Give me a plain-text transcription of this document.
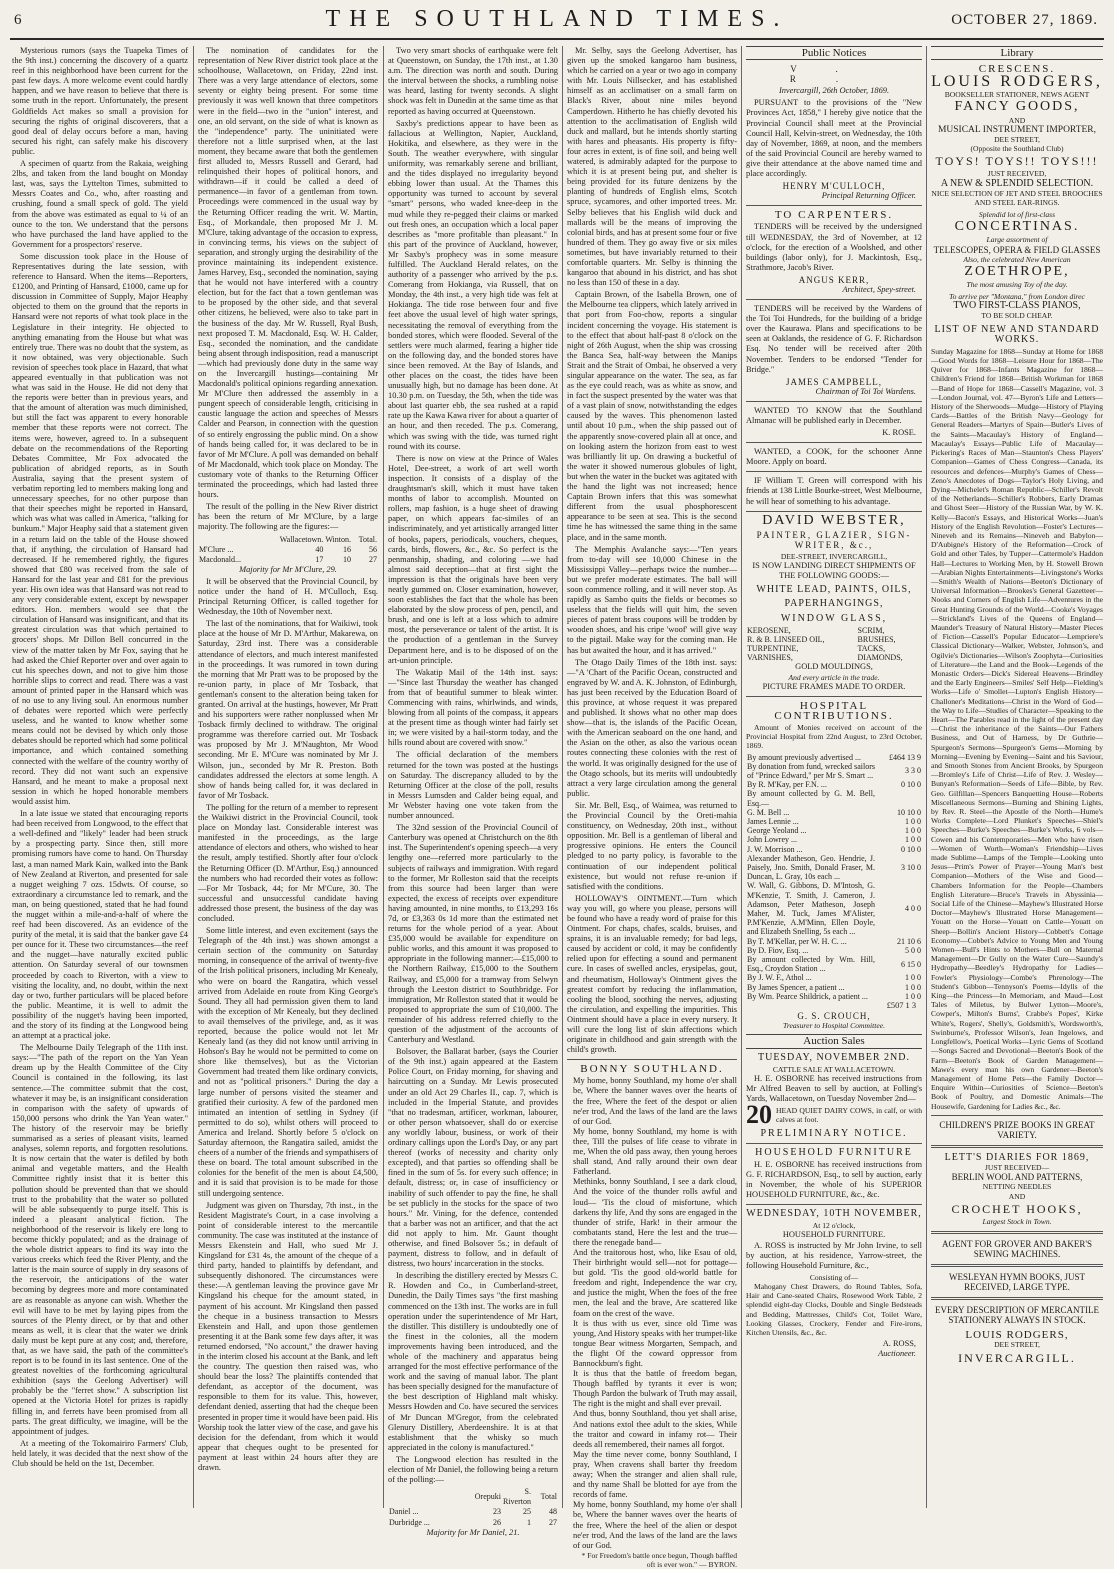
6	THE SOUTHLAND TIMES.	OCTOBER 27, 1869.

Mysterious rumors (says the Tuapeka Times of the 9th inst.) concerning the discovery of a quartz reef in this neighborhood have been current for the past few days. A more welcome event could hardly happen, and we have reason to believe that there is some truth in the report. Unfortunately, the present Goldfields Act makes so small a provision for securing the rights of original discoverers, that a good deal of delay occurs before a man, having secured his right, can safely make his discovery public.

A specimen of quartz from the Rakaia, weighing 2lbs, and taken from the land bought on Monday last, was, says the Lyttelton Times, submitted to Messrs Coates and Co., who, after roasting and crushing, found a small speck of gold. The yield from the above was estimated as equal to ¼ of an ounce to the ton. We understand that the persons who have purchased the land have applied to the Government for a prospectors' reserve.

Some discussion took place in the House of Representatives during the late session, with reference to Hansard. When the items—Reporters, £1200, and Printing of Hansard, £1000, came up for discussion in Committee of Supply, Major Heaphy objected to them on the ground that the reports in Hansard were not reports of what took place in the Legislature in their integrity. He objected to anything emanating from the House but what was entirely true. There was no doubt that the system, as it now obtained, was very objectionable. Such revision of speeches took place in Hazard, that what appeared eventually in that publication was not what was said in the House. He did not deny that the reports were better than in previous years, and that the amount of alteration was much diminished, but still the fact was apparent to every honorable member that these reports were not correct. The items were, however, agreed to. In a subsequent debate on the recommendations of the Reporting Debates Committee, Mr Fox advocated the publication of abridged reports, as in South Australia, saying that the present system of verbatim reporting led to members making long and unnecessary speeches, for no other purpose than that their speeches might be reported in Hansard, which was what was called in America, "talking for bunkum." Major Heaphy said that a statement given in a return laid on the table of the House showed that, if anything, the circulation of Hansard had decreased. If he remembered rightly, the figures showed that £80 was received from the sale of Hansard for the last year and £81 for the previous year. His own idea was that Hansard was not read to any very considerable extent, except by newspaper editors. Hon. members would see that the circulation of Hansard was insignificant, and that its greatest circulation was that which pertained to grocers' shops. Mr Dillon Bell concurred in the view of the matter taken by Mr Fox, saying that he had asked the Chief Reporter over and over again to cut his speeches down, and not to give him those horrible slips to correct and read. There was a vast amount of printed paper in the Hansard which was of no use to any living soul. An enormous number of debates were reported which were perfectly useless, and he wanted to know whether some means could not be devised by which only those debates should be reported which had some political importance, and which contained something connected with the welfare of the country worthy of record. They did not want such an expensive Hansard, and he meant to make a proposal next session in which he hoped honorable members would assist him.

In a late issue we stated that encouraging reports had been received from Longwood, to the effect that a well-defined and "likely" leader had been struck by a prospecting party. Since then, still more promising rumors have come to hand. On Thursday last, a man named Mark Kain, walked into the Bank of New Zealand at Riverton, and presented for sale a nugget weighing 7 ozs. 15dwts. Of course, so extraordinary a circumstance led to remark, and the man, on being questioned, stated that he had found the nugget within a mile-and-a-half of where the reef had been discovered. As an evidence of the purity of the metal, it is said that the banker gave £4 per ounce for it. These two circumstances—the reef and the nugget—have naturally excited public attention. On Saturday several of our townsmen proceeded by coach to Riverton, with a view to visiting the locality, and, no doubt, within the next day or two, further particulars will be placed before the public. Meantime, it is well to admit the possibility of the nugget's having been imported, and the story of its finding at the Longwood being an attempt at a practical joke.

The Melbourne Daily Telegraph of the 11th inst. says:—"The path of the report on the Yan Yean dream up by the Health Committee of the City Council is contained in the following, its last sentence.—The committee submit that the cost, whatever it may be, is an insignificant consideration in comparison with the safety of upwards of 150,000 persons who drink the Yan Yean water." The history of the reservoir may be briefly summarised as a series of pleasant visits, learned analyses, solemn reports, and forgotten resolutions. It is now certain that the water is defiled by both animal and vegetable matters, and the Health Committee rightly insist that it is better this pollution should be prevented than that we should trust to the probability that the water so polluted will be able subsequently to purge itself. This is indeed a pleasant analytical fiction. The neighborhood of the reservoir is likely ere long to become thickly populated; and as the drainage of the whole district appears to find its way into the various creeks which feed the River Plenty, and the latter is the main source of supply in dry seasons of the reservoir, the anticipations of the water becoming by degrees more and more contaminated are as reasonable as anyone can wish. Whether the evil will have to be met by laying pipes from the sources of the Plenty direct, or by that and other means as well, it is clear that the water we drink daily must be kept pure at any cost; and, therefore, that, as we have said, the path of the committee's report is to be found in its last sentence. One of the greatest novelties of the forthcoming agricultural exhibition (says the Geelong Advertiser) will probably be the "ferret show." A subscription list opened at the Victoria Hotel for prizes is rapidly filling in, and ferrets have been promised from all parts. The great difficulty, we imagine, will be the appointment of judges.

At a meeting of the Tokomairiro Farmers' Club, held lately, it was decided that the next show of the Club should be held on the 1st, December.

The nomination of candidates for the representation of New River district took place at the schoolhouse, Wallacetown, on Friday, 22nd inst. There was a very large attendance of electors, some seventy or eighty being present. For some time previously it was well known that three competitors were in the field—two in the "union" interest, and one, an old servant, on the side of what is known as the "independence" party. The uninitiated were therefore not a little surprised when, at the last moment, they became aware that both the gentlemen first alluded to, Messrs Russell and Gerard, had relinquished their hopes of political honors, and withdrawn—if it could be called a deed of permanence—in favor of a gentleman from town. Proceedings were commenced in the usual way by the Returning Officer reading the writ. W. Martin, Esq., of Morkandale, then proposed Mr J. M. M'Clure, taking advantage of the occasion to express, in convincing terms, his views on the subject of separation, and strongly urging the desirability of the province maintaining its independent existence. James Harvey, Esq., seconded the nomination, saying that he would not have interfered with a country election, but for the fact that a town gentleman was to be proposed by the other side, and that several other citizens, he believed, were also to take part in the business of the day. Mr W. Russell, Ryal Bush, next proposed T. M. Macdonald, Esq. W. H. Calder, Esq., seconded the nomination, and the candidate being absent through indisposition, read a manuscript—which had previously done duty in the same way on the Invercargill hustings—containing Mr Macdonald's political opinions regarding annexation. Mr M'Clure then addressed the assembly in a pungent speech of considerable length, criticising in caustic language the action and speeches of Messrs Calder and Pearson, in connection with the question of so entirely engrossing the public mind. On a show of hands being called for, it was declared to be in favor of Mr M'Clure. A poll was demanded on behalf of Mr Macdonald, which took place on Monday. The customary vote of thanks to the Returning Officer terminated the proceedings, which had lasted three hours.

The result of the polling in the New River district has been the return of Mr M'Clure, by a large majority. The following are the figures:—

	Wallacetown.	Winton.	Total.
M'Clure ...	40	16	56
Macdonald...	17	10	27

Majority for Mr M'Clure, 29.

It will be observed that the Provincial Council, by notice under the hand of H. M'Culloch, Esq. Principal Returning Officer, is called together for Wednesday, the 10th of November next.

The last of the nominations, that for Waikiwi, took place at the house of Mr D. M'Arthur, Makarewa, on Saturday, 23rd inst. There was a considerable attendance of electors, and much interest manifested in the proceedings. It was rumored in town during the morning that Mr Pratt was to be proposed by the re-union party, in place of Mr Tosback, that gentleman's consent to the alteration being taken for granted. On arrival at the hustings, however, Mr Pratt and his supporters were rather nonplussed when Mr Tosback firmly declined to withdraw. The original programme was therefore carried out. Mr Tosback was proposed by Mr J. M'Naughton, Mr Wood seconding. Mr E. M'Cure was nominated by Mr J. Wilson, jun., seconded by Mr R. Preston. Both candidates addressed the electors at some length. A show of hands being called for, it was declared in favor of Mr Tosback.

The polling for the return of a member to represent the Waikiwi district in the Provincial Council, took place on Monday last. Considerable interest was manifested in the proceedings, as the large attendance of electors and others, who wished to hear the result, amply testified. Shortly after four o'clock the Returning Officer (D. M'Arthur, Esq.) announced the numbers who had recorded their votes as follow:—For Mr Tosback, 44; for Mr M'Cure, 30. The successful and unsuccessful candidate having addressed those present, the business of the day was concluded.

Some little interest, and even excitement (says the Telegraph of the 4th inst.) was shown amongst a certain section of the community on Saturday morning, in consequence of the arrival of twenty-five of the Irish political prisoners, including Mr Kenealy, who were on board the Rangatira, which vessel arrived from Adelaide en route from King George's Sound. They all had permission given them to land with the exception of Mr Kenealy, but they declined to avail themselves of the privilege, and, as it was reported, because the police would not let Mr Kenealy land (as they did not know until arriving in Hobson's Bay he would not be permitted to come on shore like themselves), but as the Victorian Government had treated them like ordinary convicts, and not as "political prisoners." During the day a large number of persons visited the steamer and gratified their curiosity. A few of the pardoned men intimated an intention of settling in Sydney (if permitted to do so), whilst others will proceed to America and Ireland. Shortly before 5 o'clock on Saturday afternoon, the Rangatira sailed, amidst the cheers of a number of the friends and sympathisers of these on board. The total amount subscribed in the colonies for the benefit of the men is about £4,500, and it is said that provision is to be made for those still undergoing sentence.

Judgment was given on Thursday, 7th inst., in the Resident Magistrate's Court, in a case involving a point of considerable interest to the mercantile community. The case was instituted at the instance of Messrs Ekenstein and Hall, who sued Mr J. Kingsland for £31 4s, the amount of the cheque of a third party, handed to plaintiffs by defendant, and subsequently dishonored. The circumstances were these:—A gentleman leaving the province gave Mr Kingsland his cheque for the amount stated, in payment of his account. Mr Kingsland then passed the cheque in a business transaction to Messrs Ekenstein and Hall, and upon those gentlemen presenting it at the Bank some few days after, it was returned endorsed, "No account," the drawer having in the interim closed his account at the Bank, and left the country. The question then raised was, who should bear the loss? The plaintiffs contended that defendant, as acceptor of the document, was responsible to them for its value. This, however, defendant denied, asserting that had the cheque been presented in proper time it would have been paid. His Worship took the latter view of the case, and gave his decision for the defendant, from which it would appear that cheques ought to be presented for payment at least within 24 hours after they are drawn.

Two very smart shocks of earthquake were felt at Queenstown, on Sunday, the 17th inst., at 1.30 a.m. The direction was north and south. During the interval between the shocks, a rumbling noise was heard, lasting for twenty seconds. A slight shock was felt in Dunedin at the same time as that reported as having occurred at Queenstown.

Saxby's predictions appear to have been as fallacious at Wellington, Napier, Auckland, Hokitika, and elsewhere, as they were in the South. The weather everywhere, with singular uniformity, was remarkably serene and brilliant, and the tides displayed no irregularity beyond ebbing lower than usual. At the Thames this opportunity was turned to account by several "smart" persons, who waded knee-deep in the mud while they re-pegged their claims or marked out fresh ones, an occupation which a local paper describes as "more profitable than pleasant." In this part of the province of Auckland, however, Mr Saxby's prophecy was in some measure fulfilled. The Auckland Herald relates, on the authority of a passenger who arrived by the p.s. Comerang from Hokianga, via Russell, that on Monday, the 4th inst., a very high tide was felt at Hokianga. The tide rose between four and five feet above the usual level of high water springs, necessitating the removal of everything from the bonded stores, which were flooded. Several of the settlers were much alarmed, fearing a higher tide on the following day, and the bonded stores have since been removed. At the Bay of Islands, and other places on the coast, the tides have been unusually high, but no damage has been done. At 10.30 p.m. on Tuesday, the 5th, when the tide was about last quarter ebb, the sea rushed at a rapid rate up the Kawa Kawa river for about a quarter of an hour, and then receded. The p.s. Comerang, which was swing with the tide, was turned right round with its course.

There is now on view at the Prince of Wales Hotel, Dee-street, a work of art well worth inspection. It consists of a display of the draughtsman's skill, which it must have taken months of labor to accomplish. Mounted on rollers, map fashion, is a huge sheet of drawing paper, on which appears fac-similes of an indiscriminately, and yet artistically arranged litter of books, papers, periodicals, vouchers, cheques, cards, birds, flowers, &c., &c. So perfect is the penmanship, shading, and coloring —we had almost said deception—that at first sight the impression is that the originals have been very neatly gummed on. Closer examination, however, soon establishes the fact that the whole has been elaborated by the slow process of pen, pencil, and brush, and one is left at a loss which to admire most, the perseverance or talent of the artist. It is the production of a gentleman in the Survey Department here, and is to be disposed of on the art-union principle.

The Wakatip Mail of the 14th inst. says:—"Since last Thursday the weather has changed from that of beautiful summer to bleak winter. Commencing with rains, whirlwinds, and winds, blowing from all points of the compass, it appears at the present time as though winter had fairly set in; we were visited by a hail-storm today, and the hills round about are covered with snow."

The official declaration of the members returned for the town was posted at the hustings on Saturday. The discrepancy alluded to by the Returning Officer at the close of the poll, results in Messrs Lumsden and Calder being equal, and Mr Webster having one vote taken from the number announced.

The 32nd session of the Provincial Council of Canterbury was opened at Christchurch on the 8th inst. The Superintendent's opening speech—a very lengthy one—referred more particularly to the subjects of railways and immigration. With regard to the former, Mr Rolleston said that the receipts from this source had been larger than were expected, the excess of receipts over expenditure having amounted, in nine months, to £13,293 16s 7d, or £3,363 0s 1d more than the estimated net returns for the whole period of a year. About £35,000 would be available for expenditure on public works, and this amount it was proposed to appropriate in the following manner:—£15,000 to the Northern Railway, £15,000 to the Southern Railway, and £5,000 for a tramway from Selwyn through the Leeston district to Southbridge. For immigration, Mr Rolleston stated that it would be proposed to appropriate the sum of £10,000. The remainder of his address referred chiefly to the question of the adjustment of the accounts of Canterbury and Westland.

Bolsover, the Ballarat barber, (says the Courier of the 9th inst.) again appeared at the Eastern Police Court, on Friday morning, for shaving and haircutting on a Sunday. Mr Lewis prosecuted under an old Act 29 Charles II., cap. 7, which is included in the Imperial Statute, and provides "that no tradesman, artificer, workman, labourer, or other person whatsoever, shall do or exercise any worldly labour, business, or work of their ordinary callings upon the Lord's Day, or any part thereof (works of necessity and charity only excepted), and that parties so offending shall be fined in the sum of 5s. for every such offence; in default, distress; or, in case of insufficiency or inability of such offender to pay the fine, he shall be set publicly in the stocks for the space of two hours." Mr. Vining, for the defence, contended that a barber was not an artificer, and that the act did not apply to him. Mr. Gaunt thought otherwise, and fined Bolsover 5s.; in default of payment, distress to follow, and in default of distress, two hours' incarceration in the stocks.

In describing the distillery erected by Messrs C. R. Howden and Co., in Cumberland-street, Dunedin, the Daily Times says "the first mashing commenced on the 13th inst. The works are in full operation under the superintendence of Mr Hart, the distiller. This distillery is undoubtedly one of the finest in the colonies, all the modern improvements having been introduced, and the whole of the machinery and apparatus being arranged for the most effective performance of the work and the saving of manual labor. The plant has been specially designed for the manufacture of the best description of Highland malt whisky. Messrs Howden and Co. have secured the services of Mr Duncan M'Gregor, from the celebrated Glenury Distillery, Aberdeenshire. It is at that establishment that the whisky so much appreciated in the colony is manufactured."

The Longwood election has resulted in the election of Mr Daniel, the following being a return of the polling:—

	Orepuki	S. Riverton	Total
Daniel ...	23	25	48
Durbridge ...	26	1	27

Majority for Mr Daniel, 21.

Mr. Selby, says the Geelong Advertiser, has given up the smoked kangaroo ham business, which he carried on a year or two ago in company with Mr. Louis Nillsecker, and has established himself as an acclimatiser on a small farm on Black's River, about nine miles beyond Camperdown. Hitherto he has chiefly devoted his attention to the acclimatisation of English wild duck and mallard, but he intends shortly starting with hares and pheasants. His property is fifty-four acres in extent, is of fine soil, and being well watered, is admirably adapted for the purpose to which it is at present being put, and shelter is being provided for its future denizens by the planting of hundreds of English elms, Scotch spruce, sycamores, and other imported trees. Mr. Selby believes that his English wild duck and mallards will be the means of improving the colonial birds, and has at present some four or five hundred of them. They go away five or six miles sometimes, but have invariably returned to their comfortable quarters. Mr. Selby is thinning the kangaroo that abound in his district, and has shot no less than 150 of these in a day.

Captain Brown, of the Isabella Brown, one of the Melbourne tea clippers, which lately arrived in that port from Foo-chow, reports a singular incident concerning the voyage. His statement is to the effect that about half-past 8 o'clock on the night of 26th August, when the ship was crossing the Banca Sea, half-way between the Manips Strait and the Strait of Ombai, he observed a very singular appearance on the water. The sea, as far as the eye could reach, was as white as snow, and in fact the suspect presented by the water was that of a vast plain of snow, notwithstanding the edges caused by the waves. This phenomenon lasted until about 10 p.m., when the ship passed out of the apparently snow-covered plain all at once, and on looking astern the horizon from east to west was brilliantly lit up. On drawing a bucketful of the water it showed numerous globules of light, but when the water in the bucket was agitated with the hand the light was not increased; hence Captain Brown infers that this was somewhat different from the usual phosphorescent appearance to be seen at sea. This is the second time he has witnessed the same thing in the same place, and in the same month.

The Memphis Avalanche says:—"Ten years from to-day will see 10,000 Chinese in the Mississippi Valley—perhaps twice the number—but we prefer moderate estimates. The ball will soon commence rolling, and it will never stop. As rapidly as Sambo quits the fields or becomes so useless that the fields will quit him, the seven pieces of patent brass coupons will be trodden by wooden shoes, and his cripe 'woof' will give way to the pigtail. Make way for the coming man. He has but awaited the hour, and it has arrived."

The Otago Daily Times of the 18th inst. says:—"A 'Chart of the Pacific Ocean, constructed and engraved by W. and A. K. Johnston, of Edinburgh, has just been received by the Education Board of this province, at whose request it was prepared and published. It shows what no other map does show—that is, the islands of the Pacific Ocean, with the American seaboard on the one hand, and the Asian on the other, as also the various ocean routes connecting these colonies with the rest of the world. It was originally designed for the use of the Otago schools, but its merits will undoubtedly attract a very large circulation among the general public.

Sir. Mr. Bell, Esq., of Waimea, was returned to the Provincial Council by the Oreti-mahia constituency, on Wednesday, 20th inst., without opposition. Mr. Bell is a gentleman of liberal and progressive opinions. He enters the Council pledged to no party policy, is favorable to the continuation of our independent political existence, but would not refuse re-union if satisfied with the conditions.

HOLLOWAY'S OINTMENT.—Turn which way you will, go where you please, persons will be found who have a ready word of praise for this Ointment. For chaps, chafes, scalds, bruises, and sprains, it is an invaluable remedy; for bad legs, caused by accident or cold, it may be confidently relied upon for effecting a sound and permanent cure. In cases of swelled ancles, erysipelas, gout, and rheumatism, Holloway's Ointment gives the greatest comfort by reducing the inflammation, cooling the blood, soothing the nerves, adjusting the circulation, and expelling the impurities. This Ointment should have a place in every nursery. It will cure the long list of skin affections which originate in childhood and gain strength with the child's growth.

BONNY SOUTHLAND.

My home, bonny Southland, my home o'er shall be, Where the banner waves over the hearts of the free, Where the feet of the despot or alien ne'er trod, And the laws of the land are the laws of our God.

My home, bonny Southland, my home is with thee, Till the pulses of life cease to vibrate in me, When the old pass away, then young heroes shall stand, And rally around their own dear Fatherland.

Methinks, bonny Southland, I see a dark cloud, And the voice of the thunder rolls awful and loud— 'Tis the cloud of misfortune, which darkens thy life, And thy sons are engaged in the thunder of strife, Hark! in their armour the combatants stand, Here the lest and the true—there the renegade band—

And the traitorous host, who, like Esau of old, Their birthright would sell—not for pottage—but gold. 'Tis the good old-world battle for freedom and right, Independence the war cry, and justice the might, When the foes of the free men, the leal and the brave, Are scattered like foam on the crest of the wave.

It is thus with us ever, since old Time was young, And History speaks with her trumpet-like tongue Bear witness Morgarten, Sempach, and the flight Of the coward oppressor from Bannockburn's fight.

It is thus that the battle of freedom began, Though baffled by tyrants it ever is won; Though Pardon the bulwark of Truth may assail, The right is the might and shall ever prevail.

And thus, bonny Southland, thou yet shall arise, And nations extol thee adult to the skies, While the traitor and coward in infamy rot— Their deeds all remembered, their names all forgot.

May the time never come, bonny Southland, I pray, When cravens shall barter thy freedom away; When the stranger and alien shall rule, and thy name Shall be blotted for aye from the records of fame.

My home, bonny Southland, my home o'er shall be, Where the banner waves over the hearts of the free, Where the heel of the alien or despot ne'er trod, And the laws of the land are the laws of our God.

* For Freedom's battle once begun, Though baffled oft is ever won." — BYRON.

Public Notices
V. R.

Invercargill, 26th October, 1869.

PURSUANT to the provisions of the "New Provinces Act, 1858," I hereby give notice that the Provincial Council shall meet at the Provincial Council Hall, Kelvin-street, on Wednesday, the 10th day of November, 1869, at noon, and the members of the said Provincial Council are hereby warned to give their attendance at the above named time and place accordingly.

HENRY M'CULLOCH,
Principal Returning Officer.
TO CARPENTERS.

TENDERS will be received by the undersigned till WEDNESDAY, the 3rd of November, at 12 o'clock, for the erection of a Woolshed, and other buildings (labor only), for J. Mackintosh, Esq., Strathmore, Jacob's River.

ANGUS KERR,
Architect, Spey-street.

TENDERS will be received by the Wardens of the Toi Toi Hundreds, for the building of a bridge over the Kaurawa. Plans and specifications to be seen at Oaklands, the residence of G. F. Richardson Esq. No tender will be received after 20th November. Tenders to be endorsed "Tender for Bridge."

JAMES CAMPBELL,
Chairman of Toi Toi Wardens.

WANTED TO KNOW that the Southland Almanac will be published early in December.

K. ROSE.

WANTED, a COOK, for the schooner Anne Moore. Apply on board.

IF William T. Green will correspond with his friends at 138 Little Bourke-street, West Melbourne, he will hear of something to his advantage.

DAVID WEBSTER,
PAINTER, GLAZIER, SIGN-WRITER, &c.,
DEE-STREET, INVERCARGILL,

IS NOW LANDING DIRECT SHIPMENTS OF THE FOLLOWING GOODS:—

WHITE LEAD, PAINTS, OILS,
PAPERHANGINGS,
WINDOW GLASS,
KEROSENE,	SCRIM,
R. & B. LINSEED OIL,	BRUSHES,
TURPENTINE,	TACKS,
VARNISHES,	DIAMONDS,
GOLD MOULDINGS,
And every article in the trade.
PICTURE FRAMES MADE TO ORDER.
HOSPITAL CONTRIBUTIONS.

Amount of Monies received on account of the Provincial Hospital from 22nd August, to 23rd October, 1869.

By amount previously advertised ...	£464 13 9
By donation from fund, wrecked sailors of "Prince Edward," per Mr S. Smart ...	3 3 0
By R. M'Kay, per F.N. ...	0 10 0
By amount collected by G. M. Bell, Esq.—	
G. M. Bell ...	10 10 0
James Lennie ...	1 0 0
George Yeoland ...	1 0 0
John Lowrey ...	1 0 0
J. W. Morrison ...	0 10 0
Alexander Matheson, Geo. Hendrie, J. Paisely, Jno. Smith, Donald Fraser, M. Duncan, L. Gray, 10s each ...	3 10 0
W. Wall, G. Gibbons, D. M'Intosh, G. M'Kenzie, T. Smith, J. Cameron, J. Adamson, Peter Matheson, Joseph Maher, M. Tuck, James M'Alister, P.M'Kenzie, A.M'Minn, Ellen Doyle, and Elizabeth Snelling, 5s each ...	4 0 0
By T. M'Kellar, per W. H. C. ...	21 10 6
By D. Fiov, Esq. ...	5 0 0
By amount collected by Wm. Hill, Esq., Croydon Station ...	6 15 0
By J. W. F., Athol ...	1 0 0
By James Spencer, a patient ...	1 0 0
By Wm. Pearce Shildrick, a patient ...	1 0 0
£507 1 3
G. S. CROUCH,
Treasurer to Hospital Committee.
Auction Sales
TUESDAY, NOVEMBER 2ND.
CATTLE SALE AT WALLACETOWN.

H. E. OSBORNE has received instructions from Mr Alfred Beaven to sell by auction, at Folling's Yards, Wallacetown, on Tuesday November 2nd—

20 HEAD QUIET DAIRY COWS, in calf, or with calves at foot.
PRELIMINARY NOTICE.
HOUSEHOLD FURNITURE

H. E. OSBORNE has received instructions from G. F. RICHARDSON, Esq., to sell by auction, early in November, the whole of his SUPERIOR HOUSEHOLD FURNITURE, &c., &c.

WEDNESDAY, 10TH NOVEMBER,
At 12 o'clock,
HOUSEHOLD FURNITURE.

A. ROSS is instructed by Mr John Irvine, to sell by auction, at his residence, Yarrow-street, the following Household Furniture, &c.,

Consisting of—

Mahogany Chest Drawers, do Round Tables, Sofa, Hair and Cane-seated Chairs, Rosewood Work Table, 2 splendid eight-day Clocks, Double and Single Bedsteads and Bedding, Mattresses, Child's Cot, Toilet Ware, Looking Glasses, Crockery, Fender and Fire-irons, Kitchen Utensils, &c., &c.

A. ROSS,
Auctioneer.
Library
CRESCENS.
LOUIS RODGERS,
BOOKSELLER STATIONER, NEWS AGENT
FANCY GOODS,
AND
MUSICAL INSTRUMENT IMPORTER,
DEE STREET,
(Opposite the Southland Club)
TOYS! TOYS!! TOYS!!!
JUST RECEIVED,
A NEW & SPLENDID SELECTION.
NICE SELECTION OF JET AND STEEL BROOCHES AND STEEL EAR-RINGS.
Splendid lot of first-class
CONCERTINAS.
Large assortment of
TELESCOPES, OPERA & FIELD GLASSES
Also, the celebrated New American
ZOETHROPE,
The most amusing Toy of the day.
To arrive per "Montana," from London direc
TWO FIRST-CLASS PIANOS,
TO BE SOLD CHEAP.
LIST OF NEW AND STANDARD WORKS.

Sunday Magazine for 1868—Sunday at Home for 1868—Good Words for 1868—Leisure Hour for 1868—The Quiver for 1868—Infants Magazine for 1868—Children's Friend for 1868—British Workman for 1868—Band of Hope for 1868—Cassell's Magazine, vol. 3—London Journal, vol. 47—Byron's Life and Letters—History of the Sherwoods—Mudge—History of Playing Cards—Battles of the British Navy—Geology for General Readers—Martyrs of Spain—Butler's Lives of the Saints—Macaulay's History of England—Macaulay's Essays—Public Life of Macaulay—Pickering's Races of Man—Staunton's Chess Players' Companion—Games of Chess Congress—Canada, its resources and defences—Murphy's Games of Chess—Zeno's Anecdotes of Dogs—Taylor's Holy Living, and Dying—Michelet's Roman Republic—Schiller's Revolt of the Netherlands—Schiller's Robbers, Early Dramas and Ghost Seer—History of the Russian War, by W. K. Kelly—Bacon's Essays, and Historical Works—Juan's History of the English Revolution—Foster's Lectures—Nineveh and its Remains—Nineveh and Babylon—D'Aubigne's History of the Reformation—Crock of Gold and other Tales, by Tupper—Cattermole's Haddon Hall—Lectures to Working Men, by H. Stowell Brown—Arabian Nights Entertainments—Livingstone's Works—Smith's Wealth of Nations—Beeton's Dictionary of Universal Information—Brookes's General Gazetteer—Nooks and Corners of English Life—Adventures in the Great Hunting Grounds of the World—Cooke's Voyages—Strickland's Lives of the Queens of England—Maunder's Treasury of Natural History—Master Pieces of Fiction—Cassell's Popular Educator—Lempriere's Classical Dictionary—Walker, Webster, Johnson's, and Ogilvie's Dictionaries—Wilson's Zoophyta—Curiosities of Literature—the Land and the Book—Legends of the Monastic Orders—Dick's Sidereal Heavens—Brindley and the Early Engineers—Smiles' Self Help—Fielding's Works—Life o' Smollet—Lupton's English History—Challoner's Meditations—Christ in the Word of God—the Way to Life—Studies of Character—Speaking to the Heart—The Parables read in the light of the present day—Christ the inheritance of the Saints—Our Fathers Business, and Out of Harness, by Dr Guthrie—Spurgeon's Sermons—Spurgeon's Gems—Morning by Morning—Evening by Evening—Saint and his Saviour, and Smooth Stones from Ancient Brooks, by Spurgeon—Bromley's Life of Christ—Life of Rev. J. Wesley—Bunyan's Reformation—Seeds of Life—Bible, by Rev. Geo. Gilfillan—Spencers Banquetting House—Roberts Miscellaneous Sermons—Burning and Shining Lights, by Rev. R. Steel—the Apostle of the North—Hume's Works Complete—Lord Plunket's Speeches—Shiel's Speeches—Burke's Speeches—Burke's Works, 6 vols—Cowen and his Contemporaries—Men who have risen—Women of Worth—Woman's Friendship—Lives made Sublime—Lamps of the Temple—Looking unto Jesus—Prim's Power of Prayer—Young Man's best Companion—Mothers of the Wise and Good—Chambers Information for the People—Chambers English Literature—Bruce's Travels in Abyssinia—Social Life of the Chinese—Mayhew's Illustrated Horse Doctor—Mayhew's Illustrated Horse Management—Youatt on the Horse—Youatt on Cattle—Youatt on Sheep—Bollin's Ancient History—Cobbett's Cottage Economy—Cobbet's Advice to Young Men and Young Women—Bull's Hints to Mothers—Bull on Maternal Management—Dr Gully on the Water Cure—Saundy's Hydropathy—Beedley's Hydropathy for Ladies—Fowler's Physiology—Combe's Phrenology—The Student's Gibbon—Tennyson's Poems—Idylls of the King—the Princess—In Memoriam, and Maud—Lost Tales of Miletus, by Bulwer Lytton—Moore's, Cowper's, Milton's Burns', Crabbe's Popes', Kirke White's, Rogers', Shelly's, Goldsmith's, Wordsworth's, Swinburne's, Professor Wilson's, Jean Ingelows, and Longfellow's, Poetical Works—Lyric Gems of Scotland—Songs Sacred and Devotional—Beeton's Book of the Farm—Beeton's Book of Garden Management—Mawe's every man his own Gardener—Beeton's Management of Home Pets—the Family Doctor—Enquire Within—Curiosities of Science—Beeton's Book of Poultry, and Domestic Animals—The Housewife, Gardening for Ladies &c., &c.

CHILDREN'S PRIZE BOOKS IN GREAT VARIETY.
LETT'S DIARIES FOR 1869,
JUST RECEIVED—
BERLIN WOOL AND PATTERNS,
NETTING NEEDLES
AND
CROCHET HOOKS,
Largest Stock in Town.
AGENT FOR GROVER AND BAKER'S SEWING MACHINES.
WESLEYAN HYMN BOOKS, JUST RECEIVED, LARGE TYPE.
EVERY DESCRIPTION OF MERCANTILE STATIONERY ALWAYS IN STOCK.
LOUIS RODGERS,
DEE STREET,
INVERCARGILL.
